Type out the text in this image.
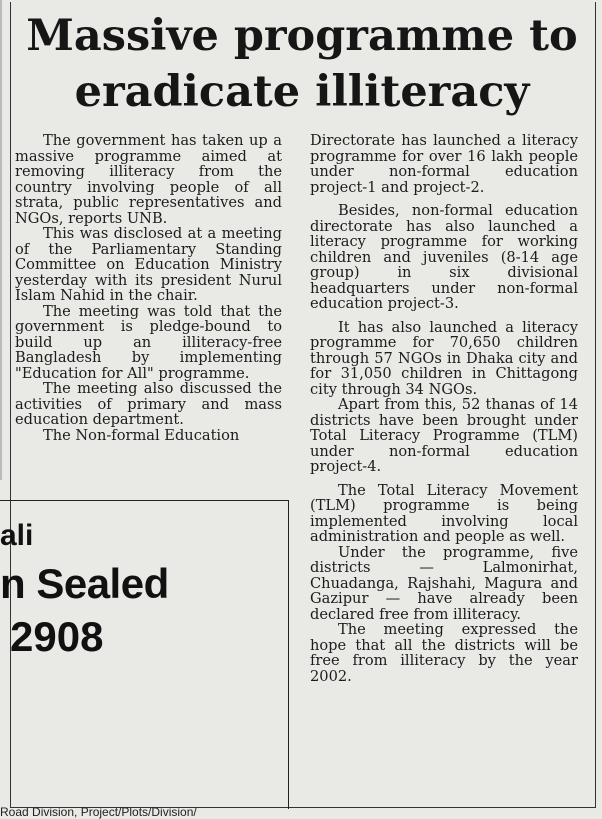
Massive programme to
eradicate illiteracy

The government has taken up a massive programme aimed at removing illiteracy from the country involving people of all strata, public representatives and NGOs, reports UNB.

This was disclosed at a meeting of the Parliamentary Standing Committee on Education Ministry yesterday with its president Nurul Islam Nahid in the chair.

The meeting was told that the government is pledge-bound to build up an illiteracy-free Bangladesh by implementing "Education for All" programme.

The meeting also discussed the activities of primary and mass education department.

The Non-formal Education

Directorate has launched a literacy programme for over 16 lakh people under non-formal education project-1 and project-2.

Besides, non-formal education directorate has also launched a literacy programme for working children and juveniles (8-14 age group) in six divisional headquarters under non-formal education project-3.

It has also launched a literacy programme for 70,650 children through 57 NGOs in Dhaka city and for 31,050 children in Chittagong city through 34 NGOs.

Apart from this, 52 thanas of 14 districts have been brought under Total Literacy Programme (TLM) under non-formal education project-4.

The Total Literacy Movement (TLM) programme is being implemented involving local administration and people as well.

Under the programme, five districts — Lalmonirhat, Chuadanga, Rajshahi, Magura and Gazipur — have already been declared free from illiteracy.

The meeting expressed the hope that all the districts will be free from illiteracy by the year 2002.

ali
n Sealed
2908
Road Division, Project/Plots/Division/
